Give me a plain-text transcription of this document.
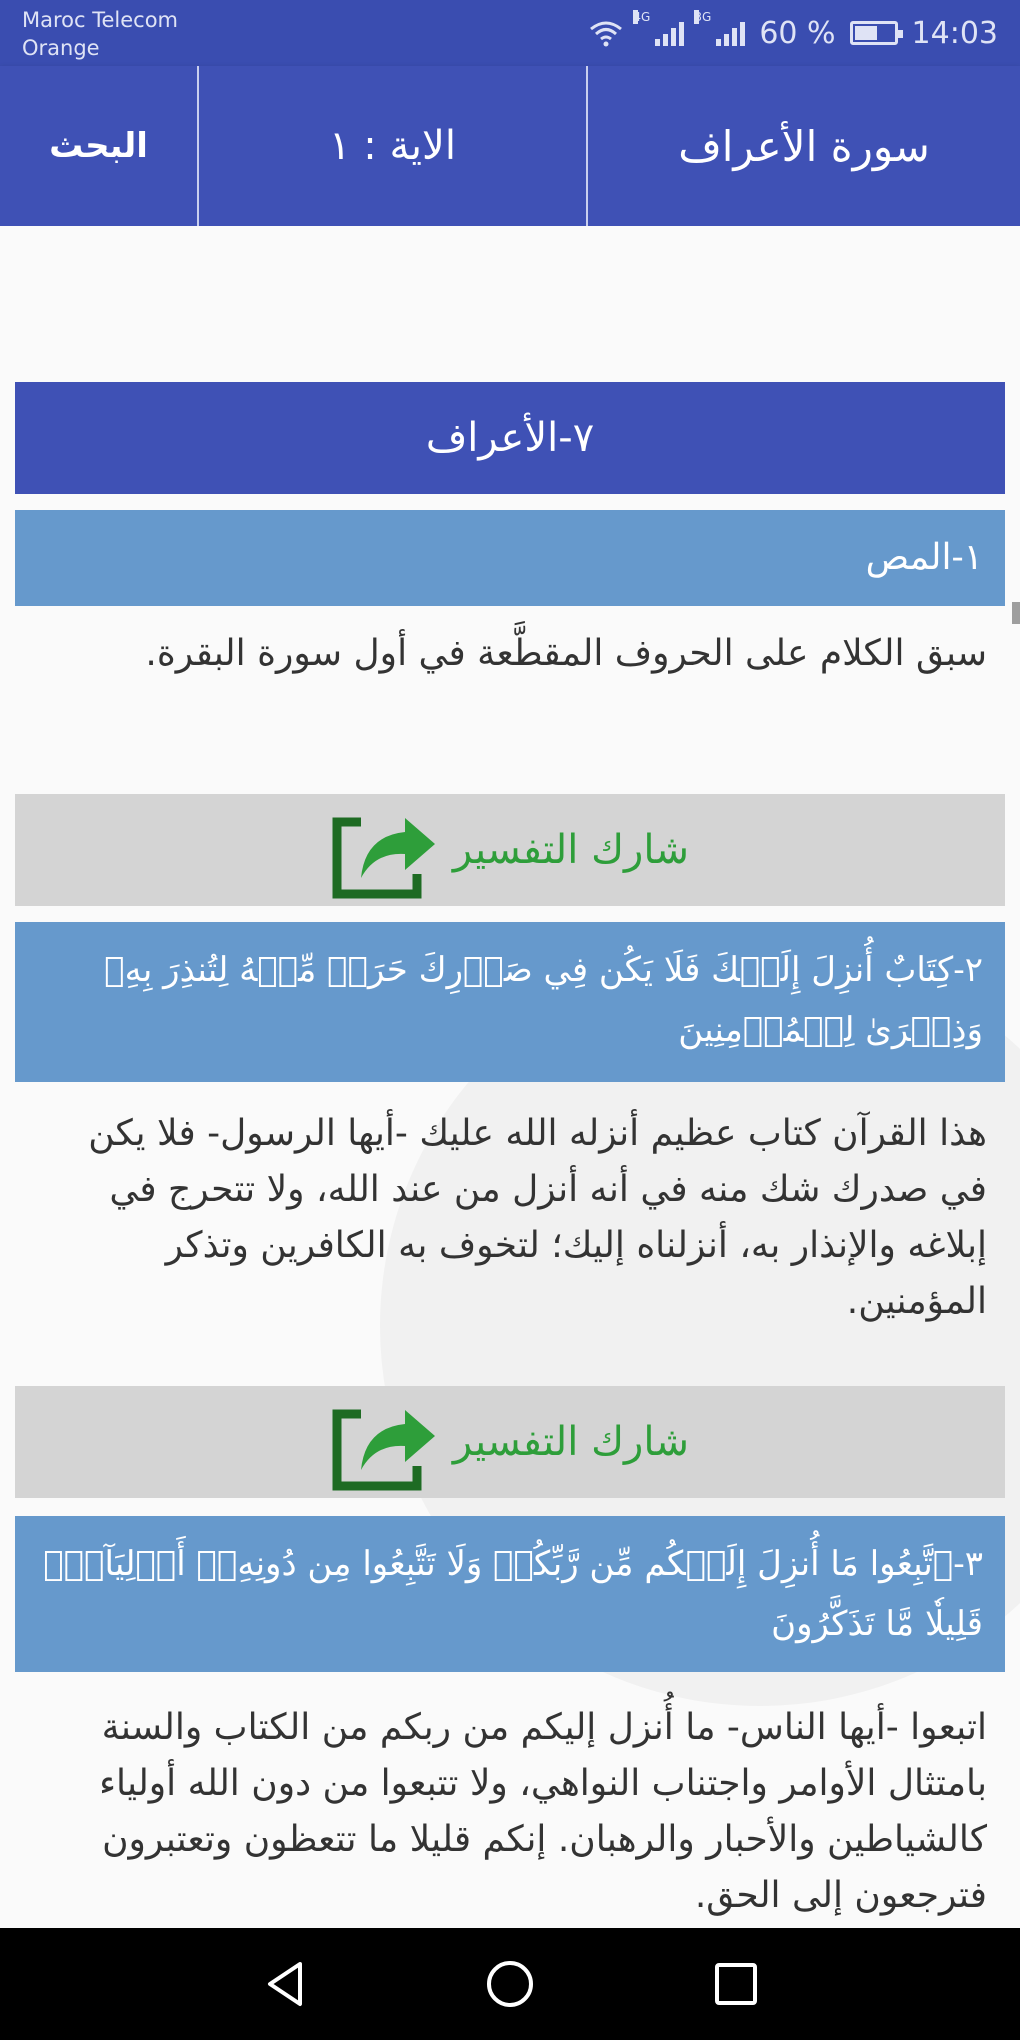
Maroc Telecom
Orange
4G	3G 60 %	14:03
البحث	الاية : ١	سورة الأعراف
٧-الأعراف
١-المص
سبق الكلام على الحروف المقطَّعة في أول سورة البقرة.
شارك التفسير
٢-كِتَابٌ أُنزِلَ إِلَيۡكَ فَلَا يَكُن فِي صَدۡرِكَ حَرَجٞ مِّنۡهُ لِتُنذِرَ بِهِۦ وَذِكۡرَىٰ لِلۡمُؤۡمِنِينَ
هذا القرآن كتاب عظيم أنزله الله عليك -أيها الرسول- فلا يكن في صدرك شك منه في أنه أنزل من عند الله، ولا تتحرج في إبلاغه والإنذار به، أنزلناه إليك؛ لتخوف به الكافرين وتذكر المؤمنين.
شارك التفسير
٣-ٱتَّبِعُوا مَا أُنزِلَ إِلَيۡكُم مِّن رَّبِّكُمۡ وَلَا تَتَّبِعُوا مِن دُونِهِۦٓ أَوۡلِيَآءَۗ قَلِيلٗا مَّا تَذَكَّرُونَ
اتبعوا -أيها الناس- ما أُنزل إليكم من ربكم من الكتاب والسنة بامتثال الأوامر واجتناب النواهي، ولا تتبعوا من دون الله أولياء كالشياطين والأحبار والرهبان. إنكم قليلا ما تتعظون وتعتبرون فترجعون إلى الحق.
